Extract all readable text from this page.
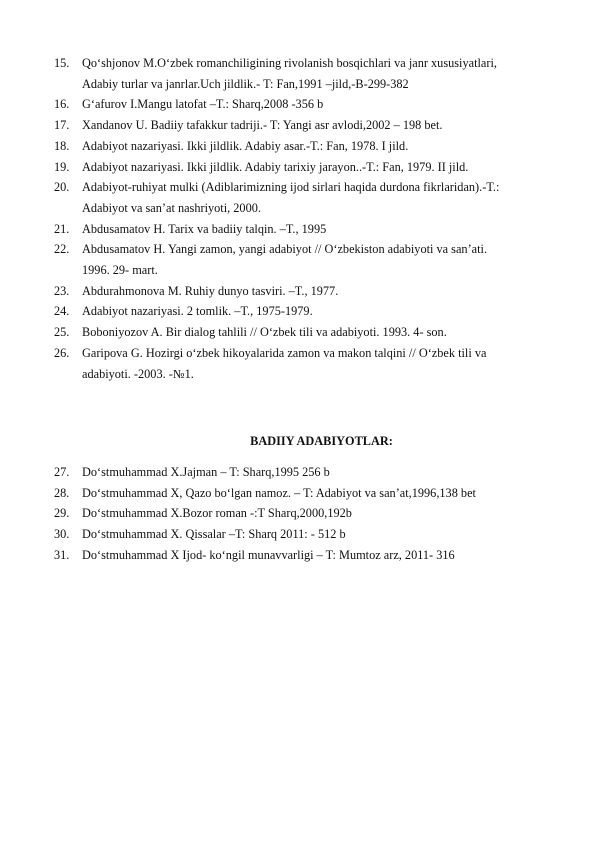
15.	Qo‘shjonov M.O‘zbek romanchiligining rivolanish bosqichlari va janr xususiyatlari,
Adabiy turlar va janrlar.Uch jildlik.- T: Fan,1991 –jild,-B-299-382
16.	G‘afurov I.Mangu latofat –T.: Sharq,2008 -356 b
17.	Xandanov U. Badiiy tafakkur tadriji.- T: Yangi asr avlodi,2002 – 198 bet.
18.	Adabiyot nazariyasi. Ikki jildlik. Adabiy asar.-T.: Fan, 1978. I jild.
19.	Adabiyot nazariyasi. Ikki jildlik. Adabiy tarixiy jarayon..-T.: Fan, 1979. II jild.
20.	Adabiyot-ruhiyat mulki (Adiblarimizning ijod sirlari haqida durdona fikrlaridan).-T.:
Adabiyot va san’at nashriyoti, 2000.
21.	Abdusamatov H. Tarix va badiiy talqin. –T., 1995
22.	Abdusamatov H. Yangi zamon, yangi adabiyot // O‘zbekiston adabiyoti va san’ati.
1996. 29- mart.
23.	Abdurahmonova M. Ruhiy dunyo tasviri. –T., 1977.
24.	Adabiyot nazariyasi. 2 tomlik. –T., 1975-1979.
25.	Boboniyozov A. Bir dialog tahlili // O‘zbek tili va adabiyoti. 1993. 4- son.
26.	Garipova G. Hozirgi o‘zbek hikoyalarida zamon va makon talqini // O‘zbek tili va
adabiyoti. -2003. -№1.
BADIIY ADABIYOTLAR:
27.	Do‘stmuhammad X.Jajman – T: Sharq,1995 256 b
28.	Do‘stmuhammad X, Qazo bo‘lgan namoz. – T: Adabiyot va san’at,1996,138 bet
29.	Do‘stmuhammad X.Bozor roman -:T Sharq,2000,192b
30.	Do‘stmuhammad X. Qissalar –T: Sharq 2011: - 512 b
31.	Do‘stmuhammad X Ijod- ko‘ngil munavvarligi – T: Mumtoz arz, 2011- 316
